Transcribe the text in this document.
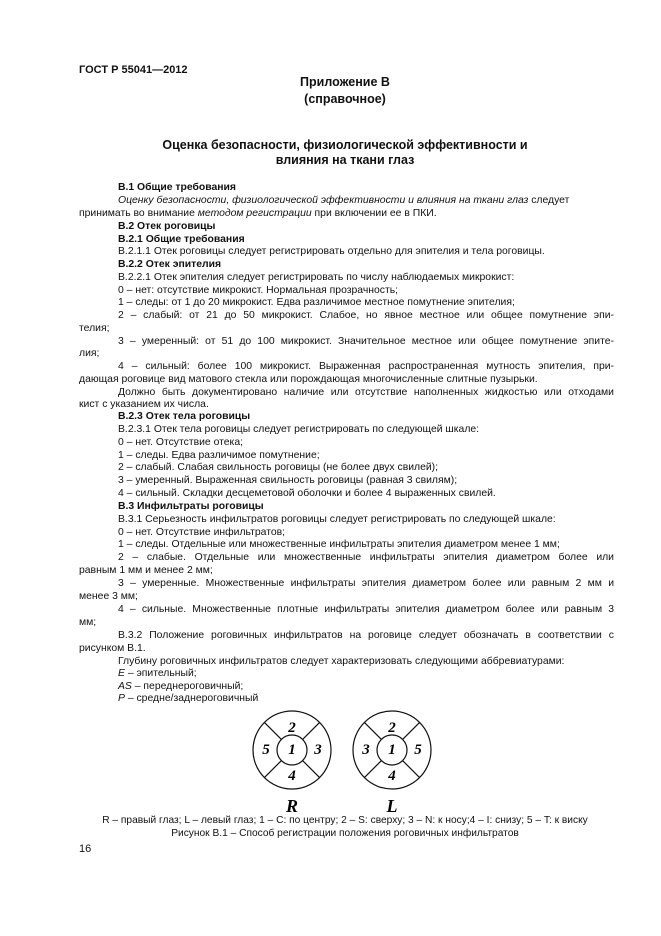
ГОСТ Р 55041—2012
Приложение В
(справочное)
Оценка безопасности, физиологической эффективности и
влияния на ткани глаз
В.1 Общие требования
Оценку безопасности, физиологической эффективности и влияния на ткани глаз следует
принимать во внимание методом регистрации при включении ее в ПКИ.
В.2 Отек роговицы
В.2.1 Общие требования
В.2.1.1 Отек роговицы следует регистрировать отдельно для эпителия и тела роговицы.
В.2.2 Отек эпителия
В.2.2.1 Отек эпителия следует регистрировать по числу наблюдаемых микрокист:
0 – нет: отсутствие микрокист. Нормальная прозрачность;
1 – следы: от 1 до 20 микрокист. Едва различимое местное помутнение эпителия;
2 – слабый: от 21 до 50 микрокист. Слабое, но явное местное или общее помутнение эпи-
телия;
3 – умеренный: от 51 до 100 микрокист. Значительное местное или общее помутнение эпите-
лия;
4 – сильный: более 100 микрокист. Выраженная распространенная мутность эпителия, при-
дающая роговице вид матового стекла или порождающая многочисленные слитные пузырьки.
Должно быть документировано наличие или отсутствие наполненных жидкостью или отходами
кист с указанием их числа.
В.2.3 Отек тела роговицы
В.2.3.1 Отек тела роговицы следует регистрировать по следующей шкале:
0 – нет. Отсутствие отека;
1 – следы. Едва различимое помутнение;
2 – слабый. Слабая свильность роговицы (не более двух свилей);
3 – умеренный. Выраженная свильность роговицы (равная 3 свилям);
4 – сильный. Складки десцеметовой оболочки и более 4 выраженных свилей.
В.3 Инфильтраты роговицы
В.3.1 Серьезность инфильтратов роговицы следует регистрировать по следующей шкале:
0 – нет. Отсутствие инфильтратов;
1 – следы. Отдельные или множественные инфильтраты эпителия диаметром менее 1 мм;
2 – слабые. Отдельные или множественные инфильтраты эпителия диаметром более или
равным 1 мм и менее 2 мм;
3 – умеренные. Множественные инфильтраты эпителия диаметром более или равным 2 мм и
менее 3 мм;
4 – сильные. Множественные плотные инфильтраты эпителия диаметром более или равным 3
мм;
В.3.2 Положение роговичных инфильтратов на роговице следует обозначать в соответствии с
рисунком В.1.
Глубину роговичных инфильтратов следует характеризовать следующими аббревиатурами:
E – эпительный;
AS – переднероговичный;
P – средне/заднероговичный
2
5 1 3
4
R
2
3 1 5
4
L
R – правый глаз; L – левый глаз; 1 – C: по центру; 2 – S: сверху; 3 – N: к носу;4 – I: снизу; 5 – T: к виску
Рисунок В.1 – Способ регистрации положения роговичных инфильтратов
16
